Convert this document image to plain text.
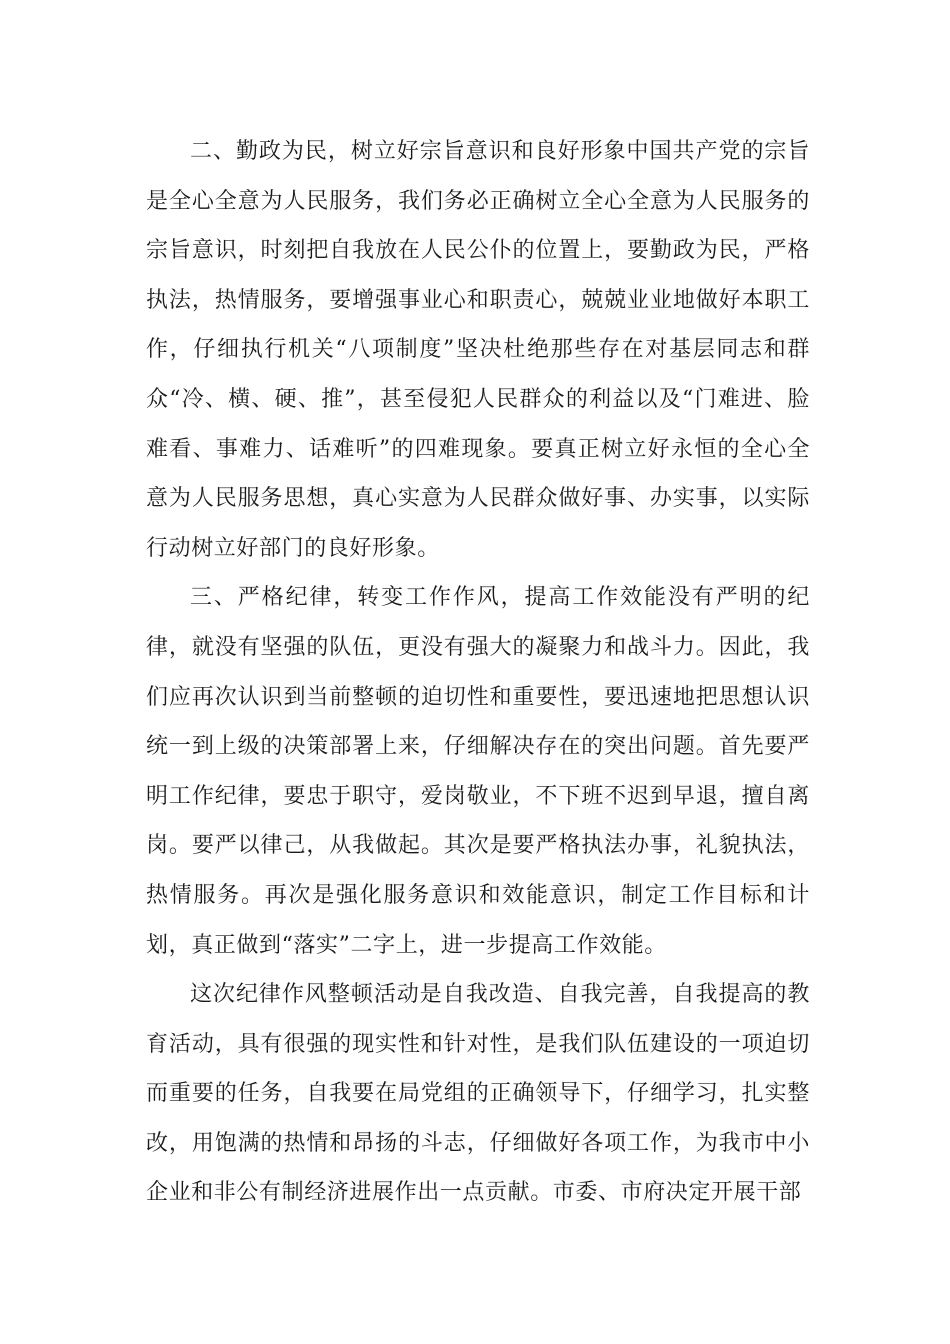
二、勤政为民，树立好宗旨意识和良好形象中国共产党的宗旨是全心全意为人民服务，我们务必正确树立全心全意为人民服务的宗旨意识，时刻把自我放在人民公仆的位置上，要勤政为民，严格执法，热情服务，要增强事业心和职责心，兢兢业业地做好本职工作，仔细执行机关“八项制度”坚决杜绝那些存在对基层同志和群众“冷、横、硬、推”，甚至侵犯人民群众的利益以及“门难进、脸难看、事难力、话难听”的四难现象。要真正树立好永恒的全心全意为人民服务思想，真心实意为人民群众做好事、办实事，以实际行动树立好部门的良好形象。

三、严格纪律，转变工作作风，提高工作效能没有严明的纪律，就没有坚强的队伍，更没有强大的凝聚力和战斗力。因此，我们应再次认识到当前整顿的迫切性和重要性，要迅速地把思想认识统一到上级的决策部署上来，仔细解决存在的突出问题。首先要严明工作纪律，要忠于职守，爱岗敬业，不下班不迟到早退，擅自离岗。要严以律己，从我做起。其次是要严格执法办事，礼貌执法，热情服务。再次是强化服务意识和效能意识，制定工作目标和计划，真正做到“落实”二字上，进一步提高工作效能。

这次纪律作风整顿活动是自我改造、自我完善，自我提高的教育活动，具有很强的现实性和针对性，是我们队伍建设的一项迫切而重要的任务，自我要在局党组的正确领导下，仔细学习，扎实整改，用饱满的热情和昂扬的斗志，仔细做好各项工作，为我市中小企业和非公有制经济进展作出一点贡献。市委、市府决定开展干部
